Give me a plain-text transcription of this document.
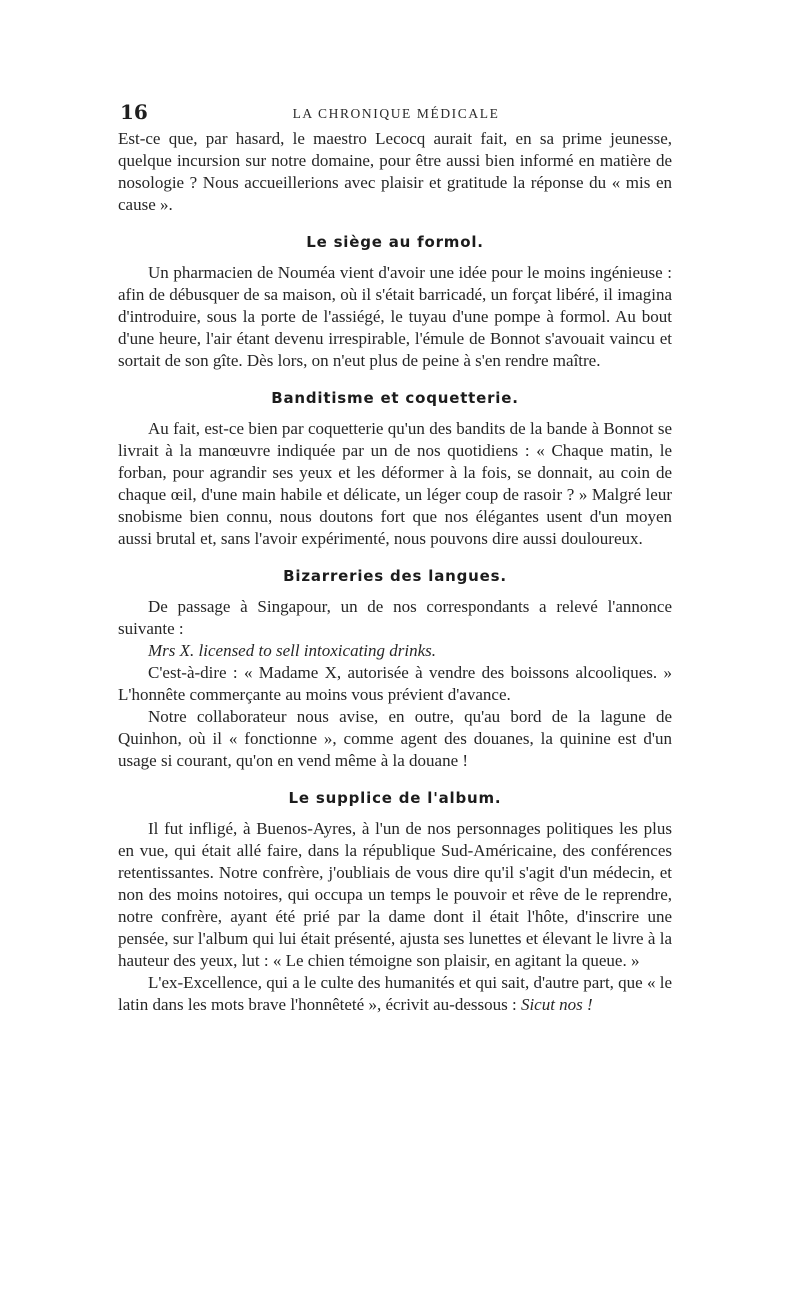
16	LA CHRONIQUE MÉDICALE

Est-ce que, par hasard, le maestro Lecocq aurait fait, en sa prime jeunesse, quelque incursion sur notre domaine, pour être aussi bien informé en matière de nosologie ? Nous accueillerions avec plaisir et gratitude la réponse du « mis en cause ».

Le siège au formol.

Un pharmacien de Nouméa vient d'avoir une idée pour le moins ingénieuse : afin de débusquer de sa maison, où il s'était barricadé, un forçat libéré, il imagina d'introduire, sous la porte de l'assiégé, le tuyau d'une pompe à formol. Au bout d'une heure, l'air étant devenu irrespirable, l'émule de Bonnot s'avouait vaincu et sortait de son gîte. Dès lors, on n'eut plus de peine à s'en rendre maître.

Banditisme et coquetterie.

Au fait, est-ce bien par coquetterie qu'un des bandits de la bande à Bonnot se livrait à la manœuvre indiquée par un de nos quotidiens : « Chaque matin, le forban, pour agrandir ses yeux et les déformer à la fois, se donnait, au coin de chaque œil, d'une main habile et délicate, un léger coup de rasoir ? » Malgré leur snobisme bien connu, nous doutons fort que nos élégantes usent d'un moyen aussi brutal et, sans l'avoir expérimenté, nous pouvons dire aussi douloureux.

Bizarreries des langues.

De passage à Singapour, un de nos correspondants a relevé l'annonce suivante :

Mrs X. licensed to sell intoxicating drinks.

C'est-à-dire : « Madame X, autorisée à vendre des boissons alcooliques. » L'honnête commerçante au moins vous prévient d'avance.

Notre collaborateur nous avise, en outre, qu'au bord de la lagune de Quinhon, où il « fonctionne », comme agent des douanes, la quinine est d'un usage si courant, qu'on en vend même à la douane !

Le supplice de l'album.

Il fut infligé, à Buenos-Ayres, à l'un de nos personnages politiques les plus en vue, qui était allé faire, dans la république Sud-Américaine, des conférences retentissantes. Notre confrère, j'oubliais de vous dire qu'il s'agit d'un médecin, et non des moins notoires, qui occupa un temps le pouvoir et rêve de le reprendre, notre confrère, ayant été prié par la dame dont il était l'hôte, d'inscrire une pensée, sur l'album qui lui était présenté, ajusta ses lunettes et élevant le livre à la hauteur des yeux, lut : « Le chien témoigne son plaisir, en agitant la queue. »

L'ex-Excellence, qui a le culte des humanités et qui sait, d'autre part, que « le latin dans les mots brave l'honnêteté », écrivit au-dessous : Sicut nos !
